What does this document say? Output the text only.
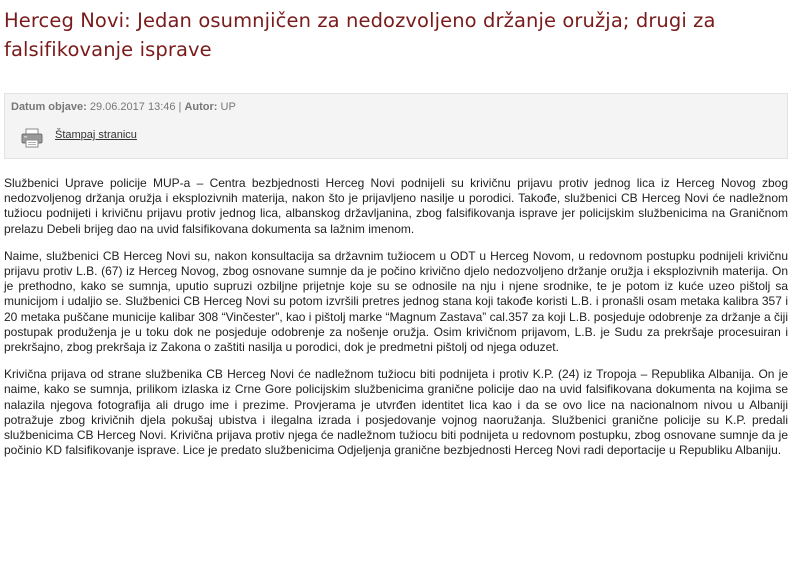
Herceg Novi: Jedan osumnjičen za nedozvoljeno držanje oružja; drugi za falsifikovanje isprave
Datum objave: 29.06.2017 13:46 | Autor: UP
Štampaj stranicu

Službenici Uprave policije MUP-a – Centra bezbjednosti Herceg Novi podnijeli su krivičnu prijavu protiv jednog lica iz Herceg Novog zbog nedozvoljenog držanja oružja i eksplozivnih materija, nakon što je prijavljeno nasilje u porodici. Takođe, službenici CB Herceg Novi će nadležnom tužiocu podnijeti i krivičnu prijavu protiv jednog lica, albanskog državljanina, zbog falsifikovanja isprave jer policijskim službenicima na Graničnom prelazu Debeli brijeg dao na uvid falsifikovana dokumenta sa lažnim imenom.

Naime, službenici CB Herceg Novi su, nakon konsultacija sa državnim tužiocem u ODT u Herceg Novom, u redovnom postupku podnijeli krivičnu prijavu protiv L.B. (67) iz Herceg Novog, zbog osnovane sumnje da je počino krivično djelo nedozvoljeno držanje oružja i eksplozivnih materija. On je prethodno, kako se sumnja, uputio supruzi ozbiljne prijetnje koje su se odnosile na nju i njene srodnike, te je potom iz kuće uzeo pištolj sa municijom i udaljio se. Službenici CB Herceg Novi su potom izvršili pretres jednog stana koji takođe koristi L.B. i pronašli osam metaka kalibra 357 i 20 metaka puščane municije kalibar 308 “Vinčester”, kao i pištolj marke “Magnum Zastava” cal.357 za koji L.B. posjeduje odobrenje za držanje a čiji postupak produženja je u toku dok ne posjeduje odobrenje za nošenje oružja. Osim krivičnom prijavom, L.B. je Sudu za prekršaje procesuiran i prekršajno, zbog prekršaja iz Zakona o zaštiti nasilja u porodici, dok je predmetni pištolj od njega oduzet.

Krivična prijava od strane službenika CB Herceg Novi će nadležnom tužiocu biti podnijeta i protiv K.P. (24) iz Tropoja – Republika Albanija. On je naime, kako se sumnja, prilikom izlaska iz Crne Gore policijskim službenicima granične policije dao na uvid falsifikovana dokumenta na kojima se nalazila njegova fotografija ali drugo ime i prezime. Provjerama je utvrđen identitet lica kao i da se ovo lice na nacionalnom nivou u Albaniji potražuje zbog krivičnih djela pokušaj ubistva i ilegalna izrada i posjedovanje vojnog naoružanja. Službenici granične policije su K.P. predali službenicima CB Herceg Novi. Krivična prijava protiv njega će nadležnom tužiocu biti podnijeta u redovnom postupku, zbog osnovane sumnje da je počinio KD falsifikovanje isprave. Lice je predato službenicima Odjeljenja granične bezbjednosti Herceg Novi radi deportacije u Republiku Albaniju.
